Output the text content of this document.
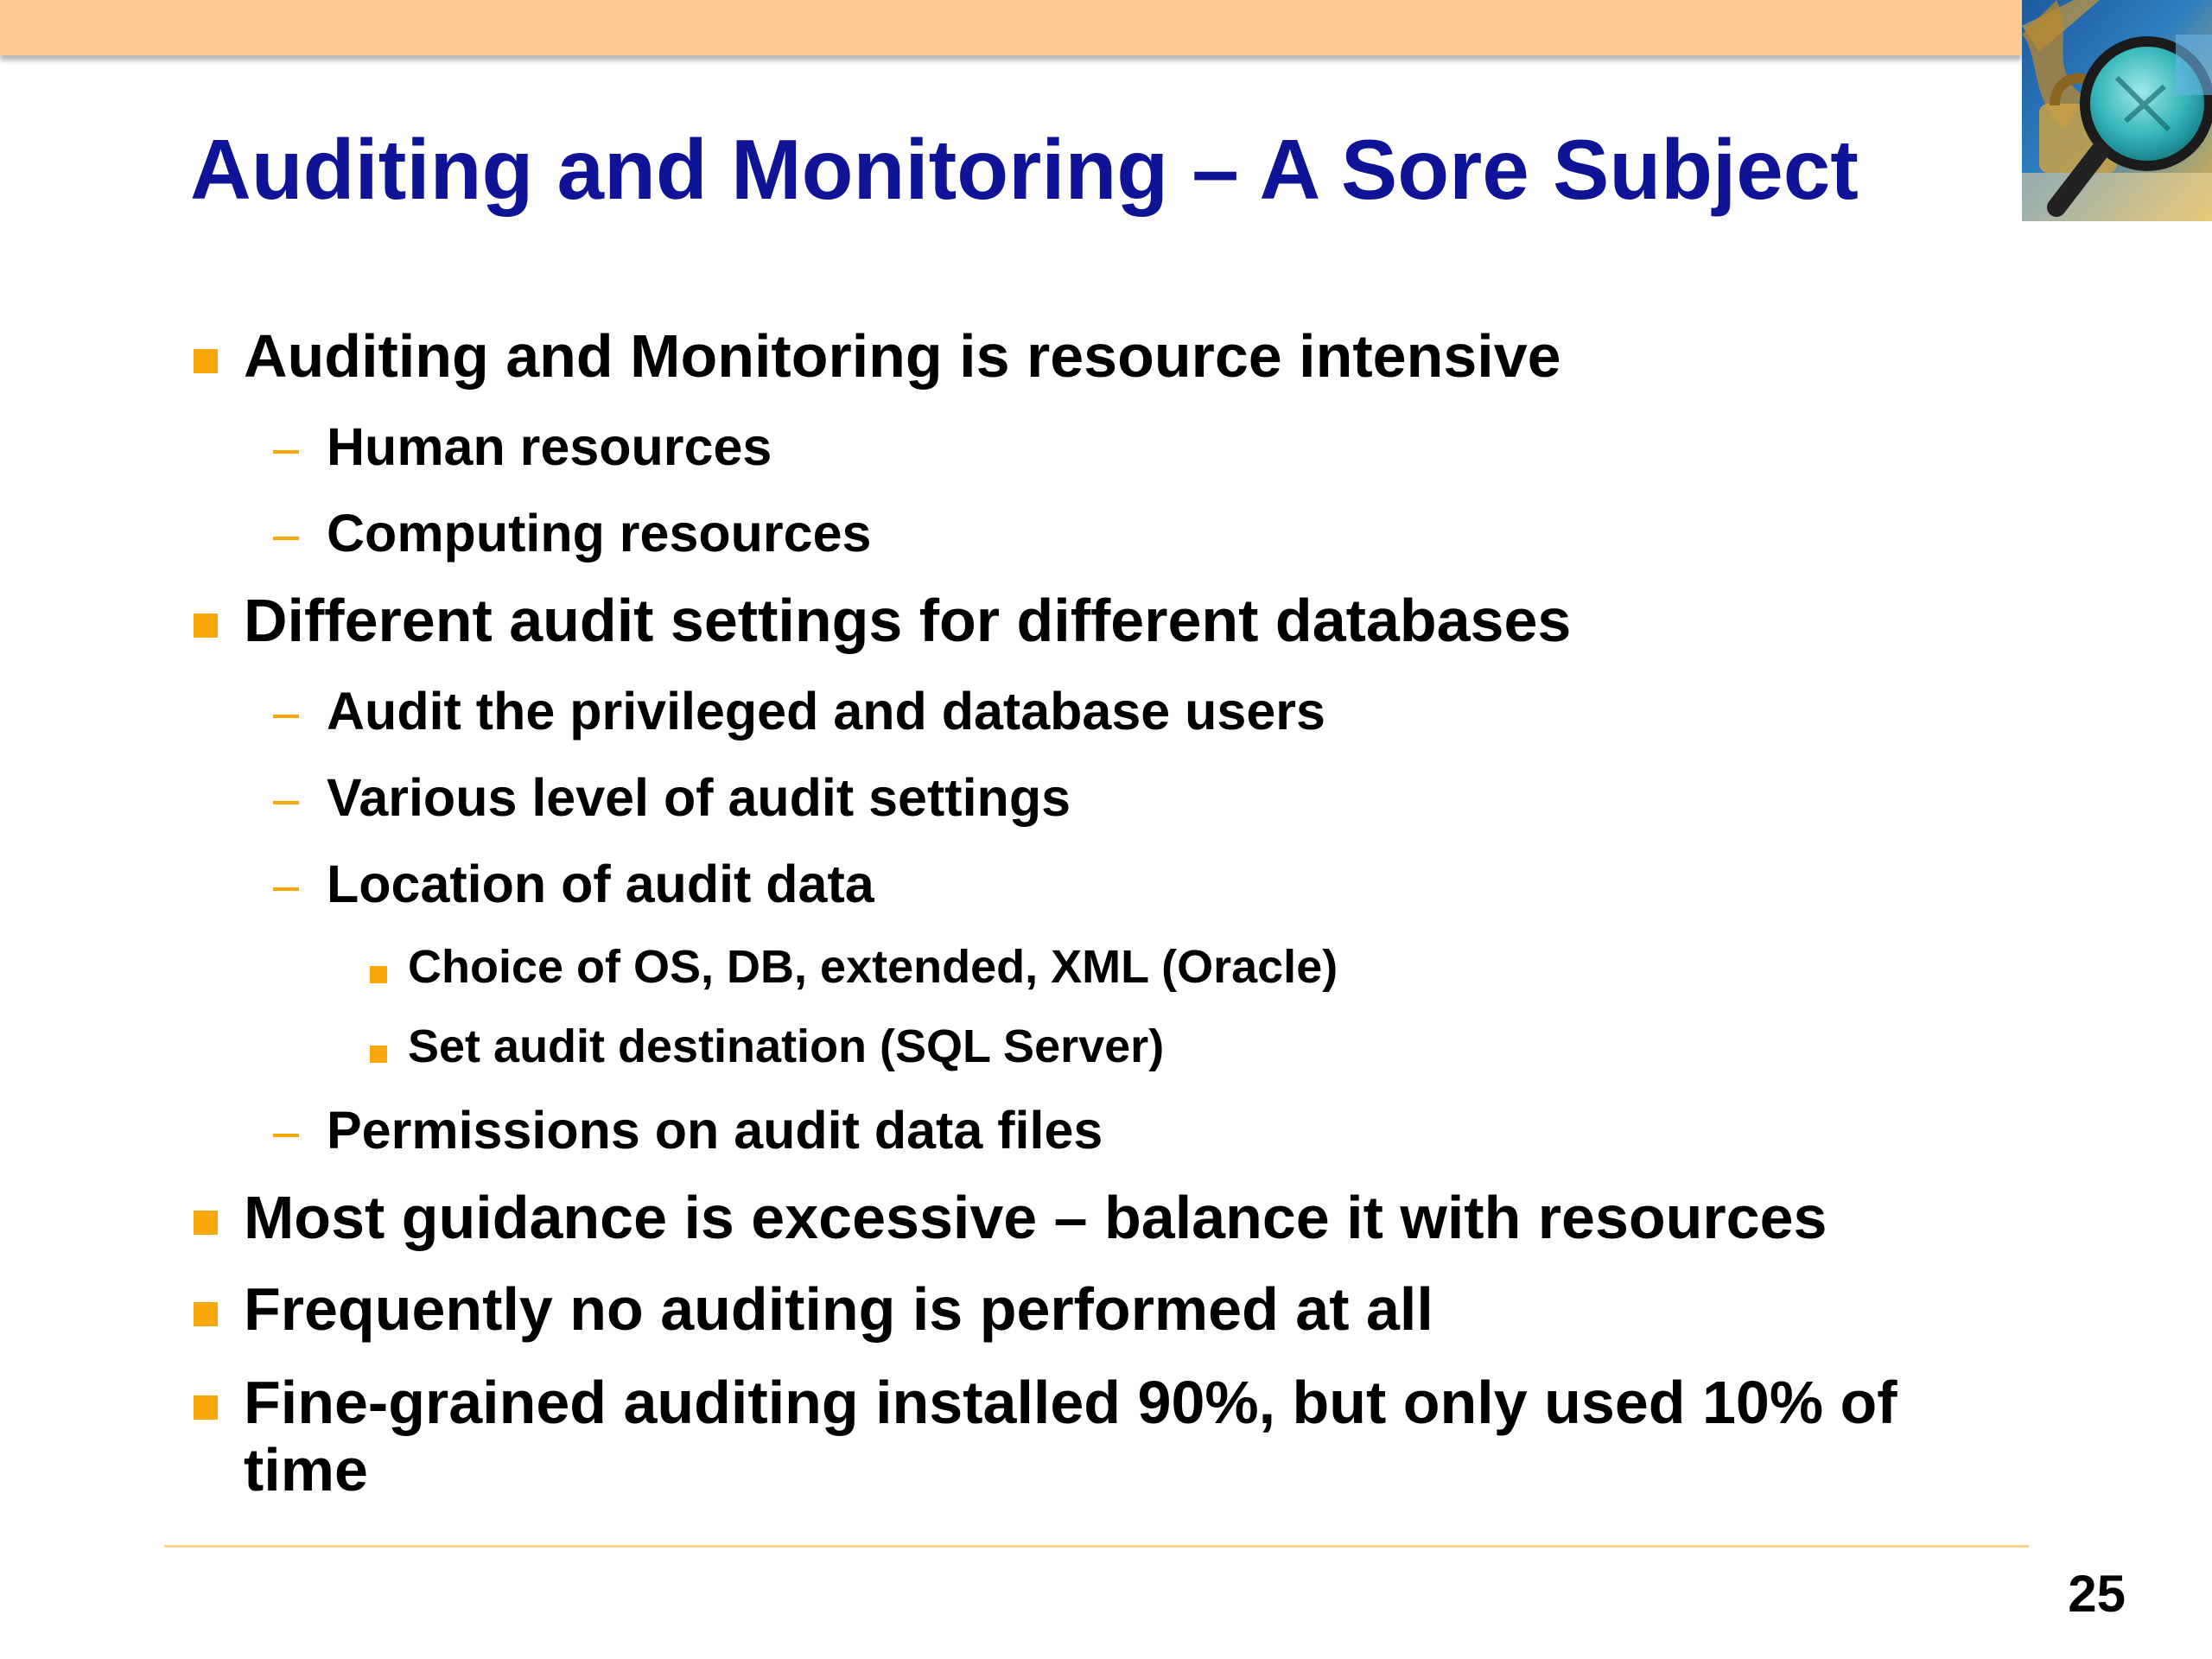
Auditing and Monitoring – A Sore Subject
Auditing and Monitoring is resource intensive
Human resources
Computing resources
Different audit settings for different databases
Audit the privileged and database users
Various level of audit settings
Location of audit data
Choice of OS, DB, extended, XML (Oracle)
Set audit destination (SQL Server)
Permissions on audit data files
Most guidance is excessive – balance it with resources
Frequently no auditing is performed at all
Fine-grained auditing installed 90%, but only used 10% of time
25
